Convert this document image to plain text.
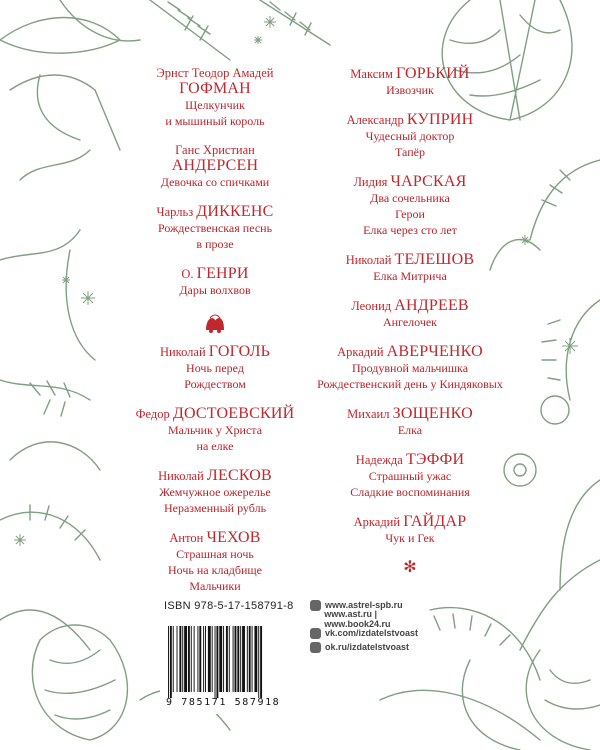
Эрнст Теодор Амадей
ГОФМАН
Щелкунчик
и мышиный король
Ганс Христиан
АНДЕРСЕН
Девочка со спичками
Чарльз ДИККЕНС
Рождественская песнь
в прозе
О. ГЕНРИ
Дары волхвов
Николай ГОГОЛЬ
Ночь перед
Рождеством
Федор ДОСТОЕВСКИЙ
Мальчик у Христа
на елке
Николай ЛЕСКОВ
Жемчужное ожерелье
Неразменный рубль
Антон ЧЕХОВ
Страшная ночь
Ночь на кладбище
Мальчики
Максим ГОРЬКИЙ
Извозчик
Александр КУПРИН
Чудесный доктор
Тапёр
Лидия ЧАРСКАЯ
Два сочельника
Герои
Елка через сто лет
Николай ТЕЛЕШОВ
Елка Митрича
Леонид АНДРЕЕВ
Ангелочек
Аркадий АВЕРЧЕНКО
Продувной мальчишка
Рождественский день у Киндяковых
Михаил ЗОЩЕНКО
Елка
Надежда ТЭФФИ
Страшный ужас
Сладкие воспоминания
Аркадий ГАЙДАР
Чук и Гек
✻
ISBN 978-5-17-158791-8
9 785171 587918
www.astrel-spb.ru
www.ast.ru | www.book24.ru
vk.com/izdatelstvoast
ok.ru/izdatelstvoast
